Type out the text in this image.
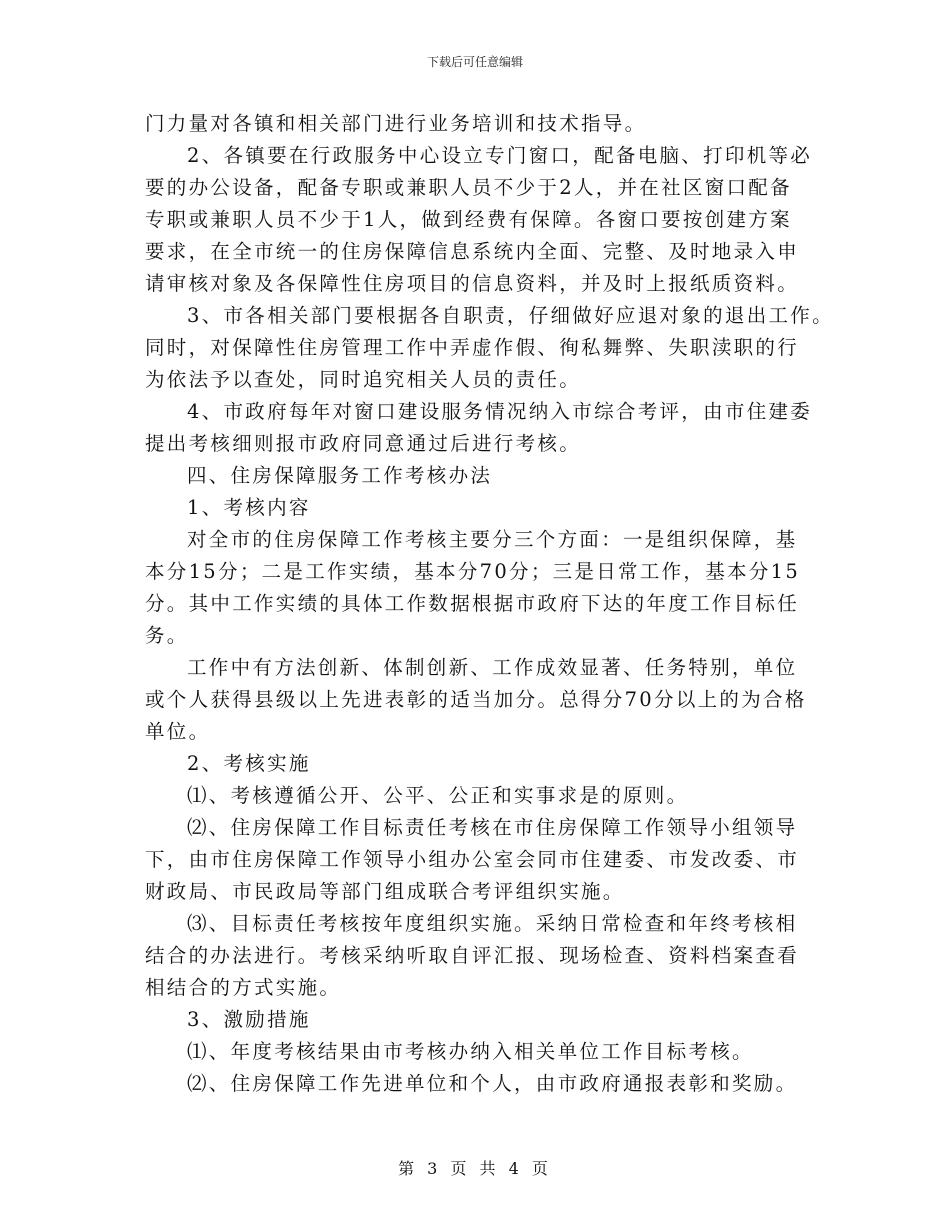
下载后可任意编辑
门力量对各镇和相关部门进行业务培训和技术指导。
2、各镇要在行政服务中心设立专门窗口，配备电脑、打印机等必
要的办公设备，配备专职或兼职人员不少于2人，并在社区窗口配备
专职或兼职人员不少于1人，做到经费有保障。各窗口要按创建方案
要求，在全市统一的住房保障信息系统内全面、完整、及时地录入申
请审核对象及各保障性住房项目的信息资料，并及时上报纸质资料。
3、市各相关部门要根据各自职责，仔细做好应退对象的退出工作。
同时，对保障性住房管理工作中弄虚作假、徇私舞弊、失职渎职的行
为依法予以查处，同时追究相关人员的责任。
4、市政府每年对窗口建设服务情况纳入市综合考评，由市住建委
提出考核细则报市政府同意通过后进行考核。
四、住房保障服务工作考核办法
1、考核内容
对全市的住房保障工作考核主要分三个方面：一是组织保障，基
本分15分；二是工作实绩，基本分70分；三是日常工作，基本分15
分。其中工作实绩的具体工作数据根据市政府下达的年度工作目标任
务。
工作中有方法创新、体制创新、工作成效显著、任务特别，单位
或个人获得县级以上先进表彰的适当加分。总得分70分以上的为合格
单位。
2、考核实施
⑴、考核遵循公开、公平、公正和实事求是的原则。
⑵、住房保障工作目标责任考核在市住房保障工作领导小组领导
下，由市住房保障工作领导小组办公室会同市住建委、市发改委、市
财政局、市民政局等部门组成联合考评组织实施。
⑶、目标责任考核按年度组织实施。采纳日常检查和年终考核相
结合的办法进行。考核采纳听取自评汇报、现场检查、资料档案查看
相结合的方式实施。
3、激励措施
⑴、年度考核结果由市考核办纳入相关单位工作目标考核。
⑵、住房保障工作先进单位和个人，由市政府通报表彰和奖励。
第 3 页 共 4 页
